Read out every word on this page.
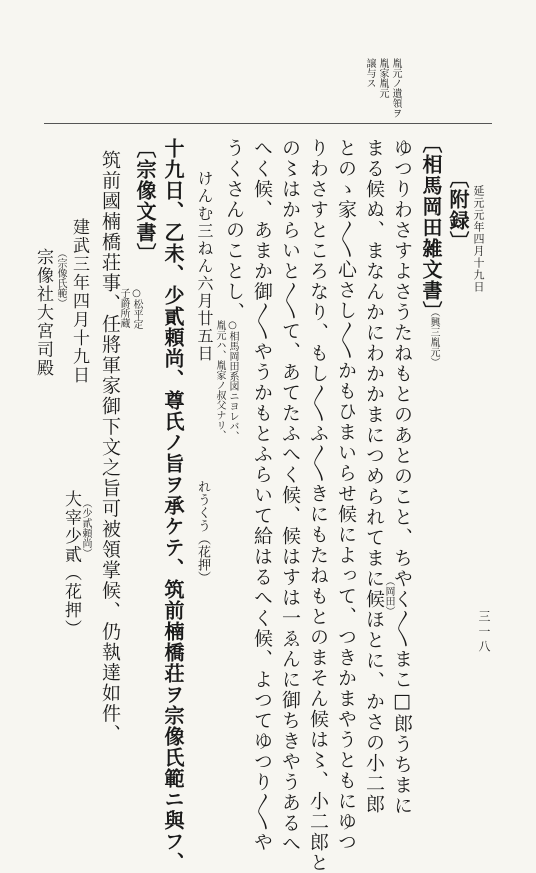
胤元ノ遺領ヲ
胤家胤元
譲与ス
延元元年四月十九日
三一八
〔附録〕
〔相馬岡田雑文書〕
（興三胤元）
ゆつりわさすよさうたねもとのあとのこと、ちやく〳〵まこ□郎うちまに
まる候ぬ、まなんかにわかかまにつめられてまに候ほとに、かさの小二郎
（岡田）
とのゝ家〳〵心さし〳〵かもひまいらせ候によって、つきかまやうともにゆつ
りわさすところなり、もし〳〵ふ〳〵きにもたねもとのまそん候は〻、小二郎と
の〻はからいと〳〵て、あてたふへく候、候はすは一ゑんに御ちきやうあるへ
へく候、あまか御〳〵やうかもとふらいて給はるへく候、よつてゆつり〳〵や
うくさんのことし、
○相馬岡田系図ニヨレバ、
胤元ハ、胤家ノ叔父ナリ、
けんむ三ねん六月廿五日
れうくう（花押）
十九日、乙未、少貳頼尚、尊氏ノ旨ヲ承ケテ、筑前楠橋荘ヲ宗像氏範ニ與フ、
〔宗像文書〕
○松平定
子爵所蔵
筑前國楠橋荘事、任將軍家御下文之旨可被領掌候、仍執達如件、
建武三年四月十九日
（少貳頼尚）
大宰少貳（花押）
（宗像氏範）
宗像社大宮司殿
